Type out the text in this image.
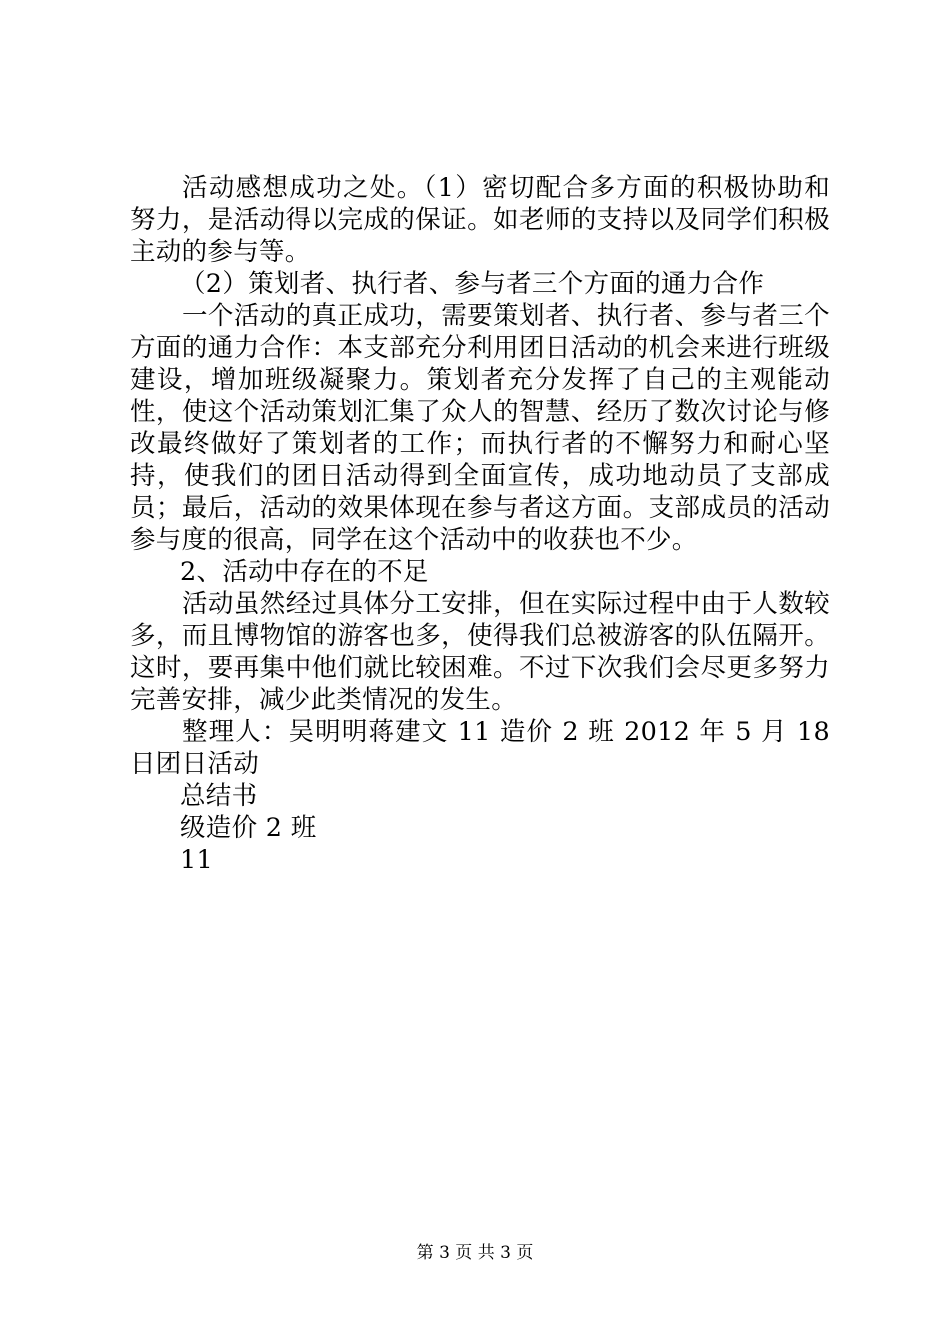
活动感想成功之处。（1）密切配合多方面的积极协助和努力，是活动得以完成的保证。如老师的支持以及同学们积极主动的参与等。

（2）策划者、执行者、参与者三个方面的通力合作

一个活动的真正成功，需要策划者、执行者、参与者三个方面的通力合作：本支部充分利用团日活动的机会来进行班级建设，增加班级凝聚力。策划者充分发挥了自己的主观能动性，使这个活动策划汇集了众人的智慧、经历了数次讨论与修改最终做好了策划者的工作；而执行者的不懈努力和耐心坚持，使我们的团日活动得到全面宣传，成功地动员了支部成员；最后，活动的效果体现在参与者这方面。支部成员的活动参与度的很高，同学在这个活动中的收获也不少。

2、活动中存在的不足

活动虽然经过具体分工安排，但在实际过程中由于人数较多，而且博物馆的游客也多，使得我们总被游客的队伍隔开。这时，要再集中他们就比较困难。不过下次我们会尽更多努力完善安排，减少此类情况的发生。

整理人：吴明明蒋建文 11 造价 2 班 2012 年 5 月 18 日团日活动

总结书

级造价 2 班

11

第 3 页 共 3 页
